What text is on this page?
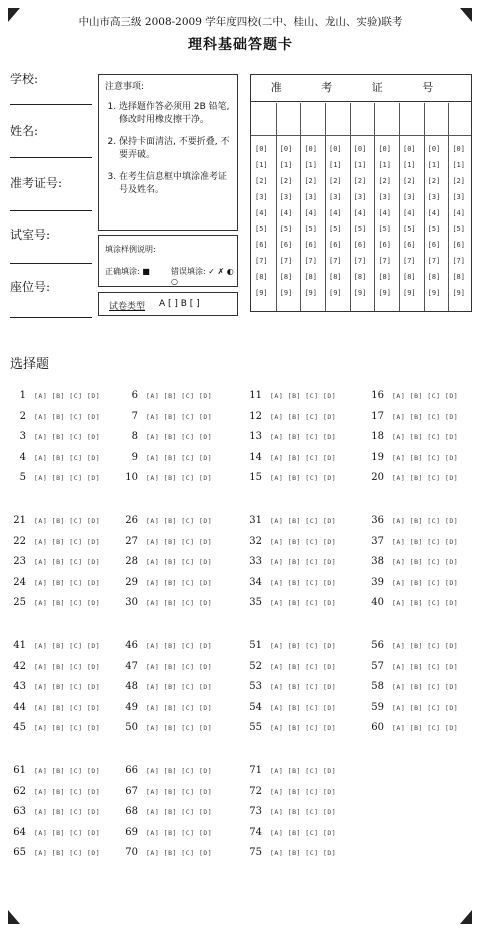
中山市高三级 2008-2009 学年度四校(二中、桂山、龙山、实验)联考
理科基础答题卡
学校:
姓名:
准考证号:
试室号:
座位号:
注意事项:
1. 选择题作答必须用 2B 铅笔, 修改时用橡皮擦干净。
2. 保持卡面清洁, 不要折叠, 不要弄破。
3. 在考生信息框中填涂准考证号及姓名。
填涂样例说明:
正确填涂: ■	错误填涂: ✓ ✗ ◐ ○
试卷类型 A [ ] B [ ]
准 考 证 号
[0]
[1]
[2]
[3]
[4]
[5]
[6]
[7]
[8]
[9]
[0]
[1]
[2]
[3]
[4]
[5]
[6]
[7]
[8]
[9]
[0]
[1]
[2]
[3]
[4]
[5]
[6]
[7]
[8]
[9]
[0]
[1]
[2]
[3]
[4]
[5]
[6]
[7]
[8]
[9]
[0]
[1]
[2]
[3]
[4]
[5]
[6]
[7]
[8]
[9]
[0]
[1]
[2]
[3]
[4]
[5]
[6]
[7]
[8]
[9]
[0]
[1]
[2]
[3]
[4]
[5]
[6]
[7]
[8]
[9]
[0]
[1]
[2]
[3]
[4]
[5]
[6]
[7]
[8]
[9]
[0]
[1]
[2]
[3]
[4]
[5]
[6]
[7]
[8]
[9]
选择题
1 [A] [B] [C] [D]
2 [A] [B] [C] [D]
3 [A] [B] [C] [D]
4 [A] [B] [C] [D]
5 [A] [B] [C] [D]
6 [A] [B] [C] [D]
7 [A] [B] [C] [D]
8 [A] [B] [C] [D]
9 [A] [B] [C] [D]
10 [A] [B] [C] [D]
11 [A] [B] [C] [D]
12 [A] [B] [C] [D]
13 [A] [B] [C] [D]
14 [A] [B] [C] [D]
15 [A] [B] [C] [D]
16 [A] [B] [C] [D]
17 [A] [B] [C] [D]
18 [A] [B] [C] [D]
19 [A] [B] [C] [D]
20 [A] [B] [C] [D]
21 [A] [B] [C] [D]
22 [A] [B] [C] [D]
23 [A] [B] [C] [D]
24 [A] [B] [C] [D]
25 [A] [B] [C] [D]
26 [A] [B] [C] [D]
27 [A] [B] [C] [D]
28 [A] [B] [C] [D]
29 [A] [B] [C] [D]
30 [A] [B] [C] [D]
31 [A] [B] [C] [D]
32 [A] [B] [C] [D]
33 [A] [B] [C] [D]
34 [A] [B] [C] [D]
35 [A] [B] [C] [D]
36 [A] [B] [C] [D]
37 [A] [B] [C] [D]
38 [A] [B] [C] [D]
39 [A] [B] [C] [D]
40 [A] [B] [C] [D]
41 [A] [B] [C] [D]
42 [A] [B] [C] [D]
43 [A] [B] [C] [D]
44 [A] [B] [C] [D]
45 [A] [B] [C] [D]
46 [A] [B] [C] [D]
47 [A] [B] [C] [D]
48 [A] [B] [C] [D]
49 [A] [B] [C] [D]
50 [A] [B] [C] [D]
51 [A] [B] [C] [D]
52 [A] [B] [C] [D]
53 [A] [B] [C] [D]
54 [A] [B] [C] [D]
55 [A] [B] [C] [D]
56 [A] [B] [C] [D]
57 [A] [B] [C] [D]
58 [A] [B] [C] [D]
59 [A] [B] [C] [D]
60 [A] [B] [C] [D]
61 [A] [B] [C] [D]
62 [A] [B] [C] [D]
63 [A] [B] [C] [D]
64 [A] [B] [C] [D]
65 [A] [B] [C] [D]
66 [A] [B] [C] [D]
67 [A] [B] [C] [D]
68 [A] [B] [C] [D]
69 [A] [B] [C] [D]
70 [A] [B] [C] [D]
71 [A] [B] [C] [D]
72 [A] [B] [C] [D]
73 [A] [B] [C] [D]
74 [A] [B] [C] [D]
75 [A] [B] [C] [D]
